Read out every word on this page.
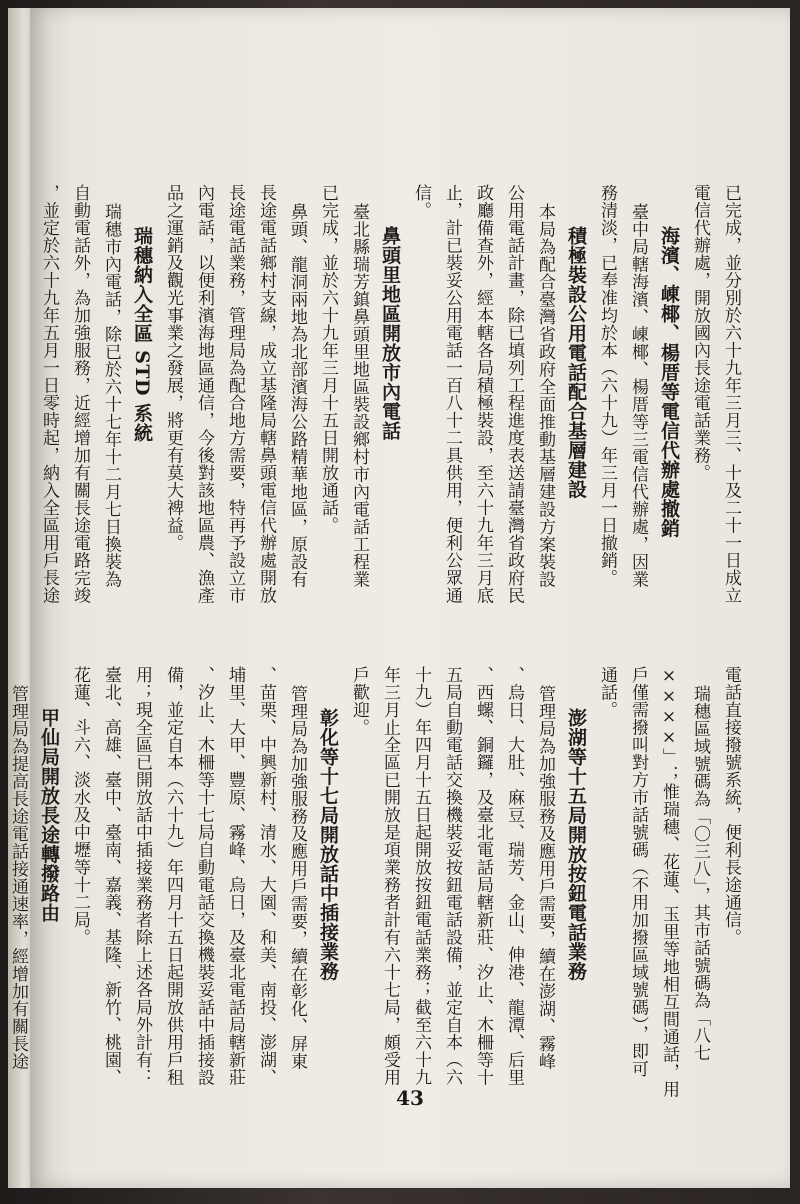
已完成，並分別於六十九年三月三、十及二十一日成立
電信代辦處，開放國內長途電話業務。
海濱、崠椰、楊厝等電信代辦處撤銷
臺中局轄海濱、崠椰、楊厝等三電信代辦處，因業
務清淡，已奉准均於本（六十九）年三月一日撤銷。
積極裝設公用電話配合基層建設
本局為配合臺灣省政府全面推動基層建設方案裝設
公用電話計畫，除已填列工程進度表送請臺灣省政府民
政廳備查外，經本轄各局積極裝設，至六十九年三月底
止，計已裝妥公用電話一百八十二具供用，便利公眾通
信。
鼻頭里地區開放市內電話
臺北縣瑞芳鎮鼻頭里地區裝設鄉村市內電話工程業
已完成，並於六十九年三月十五日開放通話。
鼻頭、龍洞兩地為北部濱海公路精華地區，原設有
長途電話鄉村支線，成立基隆局轄鼻頭電信代辦處開放
長途電話業務，管理局為配合地方需要，特再予設立市
內電話，以便利濱海地區通信，今後對該地區農、漁產
品之運銷及觀光事業之發展，將更有莫大裨益。
瑞穗納入全區 STD 系統
瑞穗市內電話，除已於六十七年十二月七日換裝為
自動電話外，為加強服務，近經增加有關長途電路完竣
，並定於六十九年五月一日零時起，納入全區用戶長途
電話直接撥號系統，便利長途通信。
瑞穗區域號碼為「〇三八」，其市話號碼為「八七
××××」；惟瑞穗、花蓮、玉里等地相互間通話，用
戶僅需撥叫對方市話號碼（不用加撥區域號碼），即可
通話。
澎湖等十五局開放按鈕電話業務
管理局為加強服務及應用戶需要，續在澎湖、霧峰
、烏日、大肚、麻豆、瑞芳、金山、伸港、龍潭、后里
、西螺、銅鑼，及臺北電話局轄新莊、汐止、木柵等十
五局自動電話交換機裝妥按鈕電話設備，並定自本（六
十九）年四月十五日起開放按鈕電話業務；截至六十九
年三月止全區已開放是項業務者計有六十七局，頗受用
戶歡迎。
彰化等十七局開放話中插接業務
管理局為加強服務及應用戶需要，續在彰化、屏東
、苗栗、中興新村、清水、大園、和美、南投、澎湖、
埔里、大甲、豐原、霧峰、烏日，及臺北電話局轄新莊
、汐止、木柵等十七局自動電話交換機裝妥話中插接設
備，並定自本（六十九）年四月十五日起開放供用戶租
用；現全區已開放話中插接業務者除上述各局外計有：
臺北、高雄、臺中、臺南、嘉義、基隆、新竹、桃園、
花蓮、斗六、淡水及中壢等十二局。
甲仙局開放長途轉撥路由
管理局為提高長途電話接通速率，經增加有關長途
43
